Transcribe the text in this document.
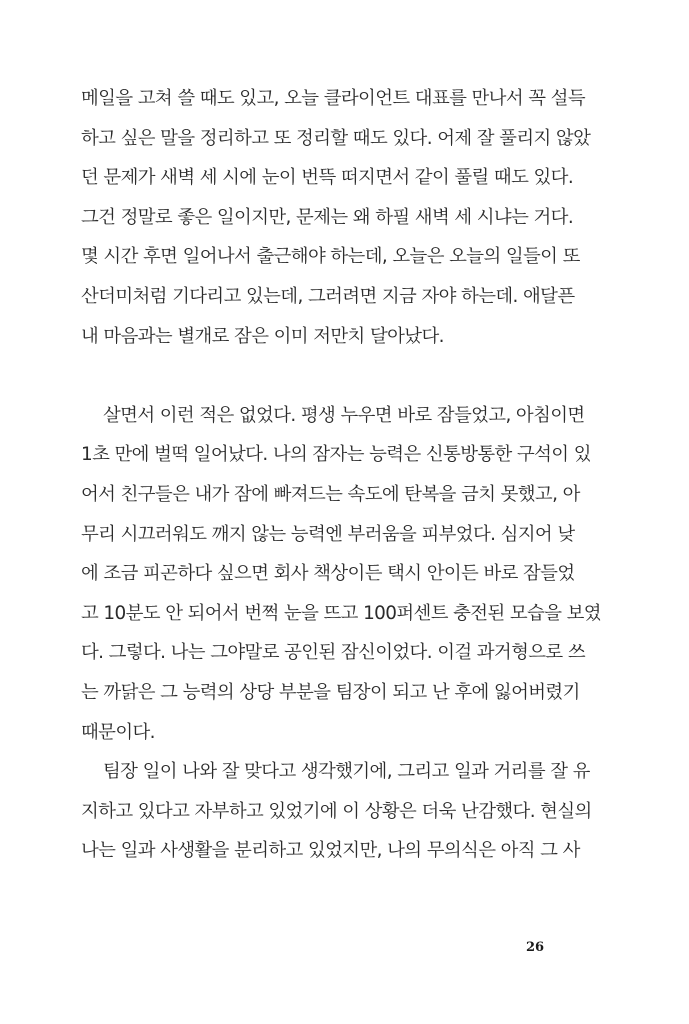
메일을 고쳐 쓸 때도 있고, 오늘 클라이언트 대표를 만나서 꼭 설득
하고 싶은 말을 정리하고 또 정리할 때도 있다. 어제 잘 풀리지 않았
던 문제가 새벽 세 시에 눈이 번뜩 떠지면서 같이 풀릴 때도 있다.
그건 정말로 좋은 일이지만, 문제는 왜 하필 새벽 세 시냐는 거다.
몇 시간 후면 일어나서 출근해야 하는데, 오늘은 오늘의 일들이 또
산더미처럼 기다리고 있는데, 그러려면 지금 자야 하는데. 애달픈
내 마음과는 별개로 잠은 이미 저만치 달아났다.
살면서 이런 적은 없었다. 평생 누우면 바로 잠들었고, 아침이면
1초 만에 벌떡 일어났다. 나의 잠자는 능력은 신통방통한 구석이 있
어서 친구들은 내가 잠에 빠져드는 속도에 탄복을 금치 못했고, 아
무리 시끄러워도 깨지 않는 능력엔 부러움을 피부었다. 심지어 낮
에 조금 피곤하다 싶으면 회사 책상이든 택시 안이든 바로 잠들었
고 10분도 안 되어서 번쩍 눈을 뜨고 100퍼센트 충전된 모습을 보였
다. 그렇다. 나는 그야말로 공인된 잠신이었다. 이걸 과거형으로 쓰
는 까닭은 그 능력의 상당 부분을 팀장이 되고 난 후에 잃어버렸기
때문이다.
팀장 일이 나와 잘 맞다고 생각했기에, 그리고 일과 거리를 잘 유
지하고 있다고 자부하고 있었기에 이 상황은 더욱 난감했다. 현실의
나는 일과 사생활을 분리하고 있었지만, 나의 무의식은 아직 그 사
26
